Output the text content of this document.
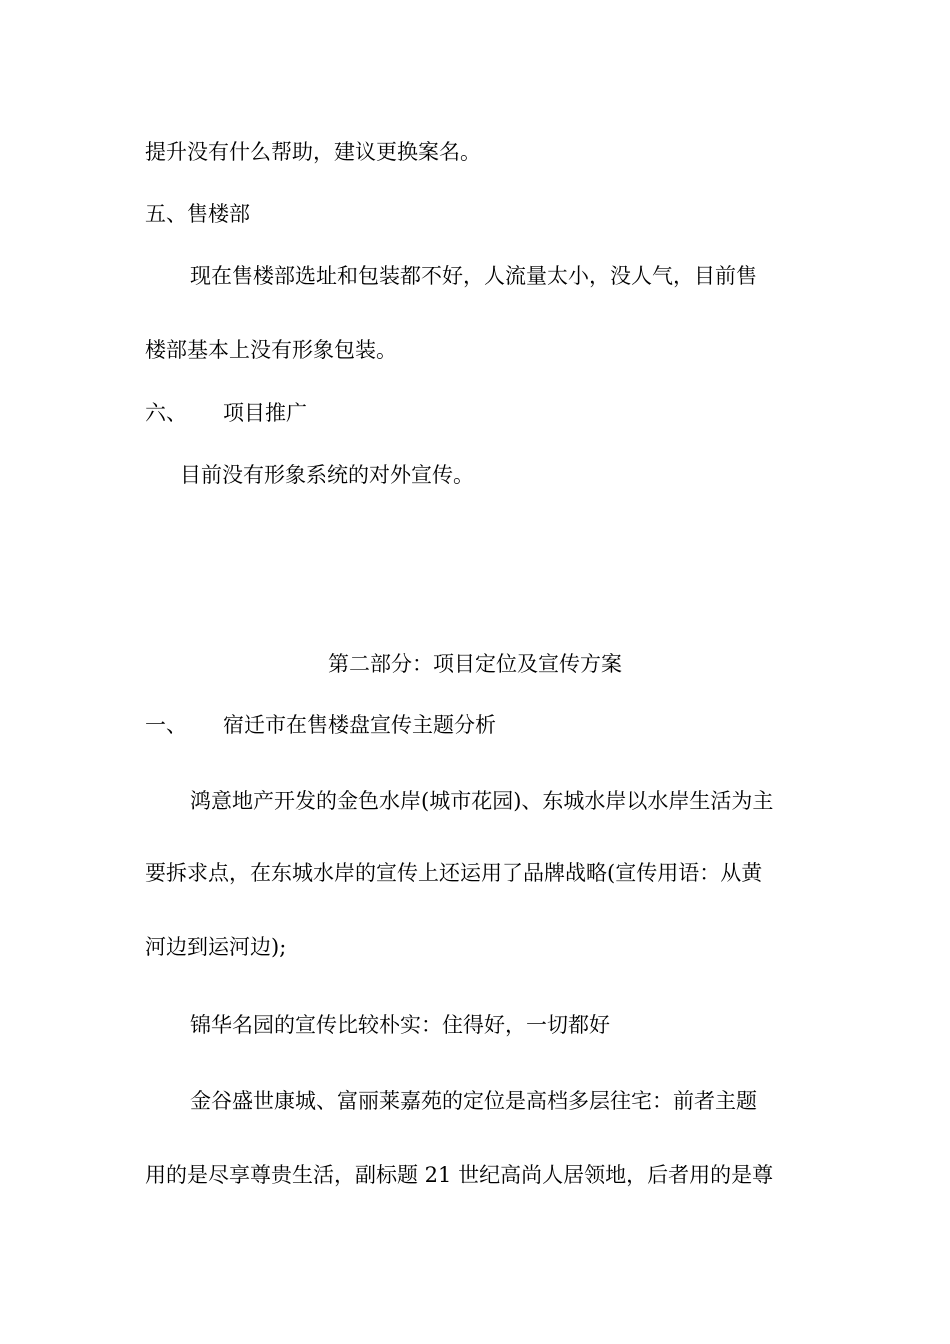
提升没有什么帮助，建议更换案名。
五、售楼部
现在售楼部选址和包装都不好，人流量太小，没人气，目前售
楼部基本上没有形象包装。
六、 项目推广
目前没有形象系统的对外宣传。
第二部分：项目定位及宣传方案
一、 宿迁市在售楼盘宣传主题分析
鸿意地产开发的金色水岸(城市花园)、东城水岸以水岸生活为主
要拆求点，在东城水岸的宣传上还运用了品牌战略(宣传用语：从黄
河边到运河边);
锦华名园的宣传比较朴实：住得好，一切都好
金谷盛世康城、富丽莱嘉苑的定位是高档多层往宅：前者主题
用的是尽享尊贵生活，副标题 21 世纪高尚人居领地，后者用的是尊
